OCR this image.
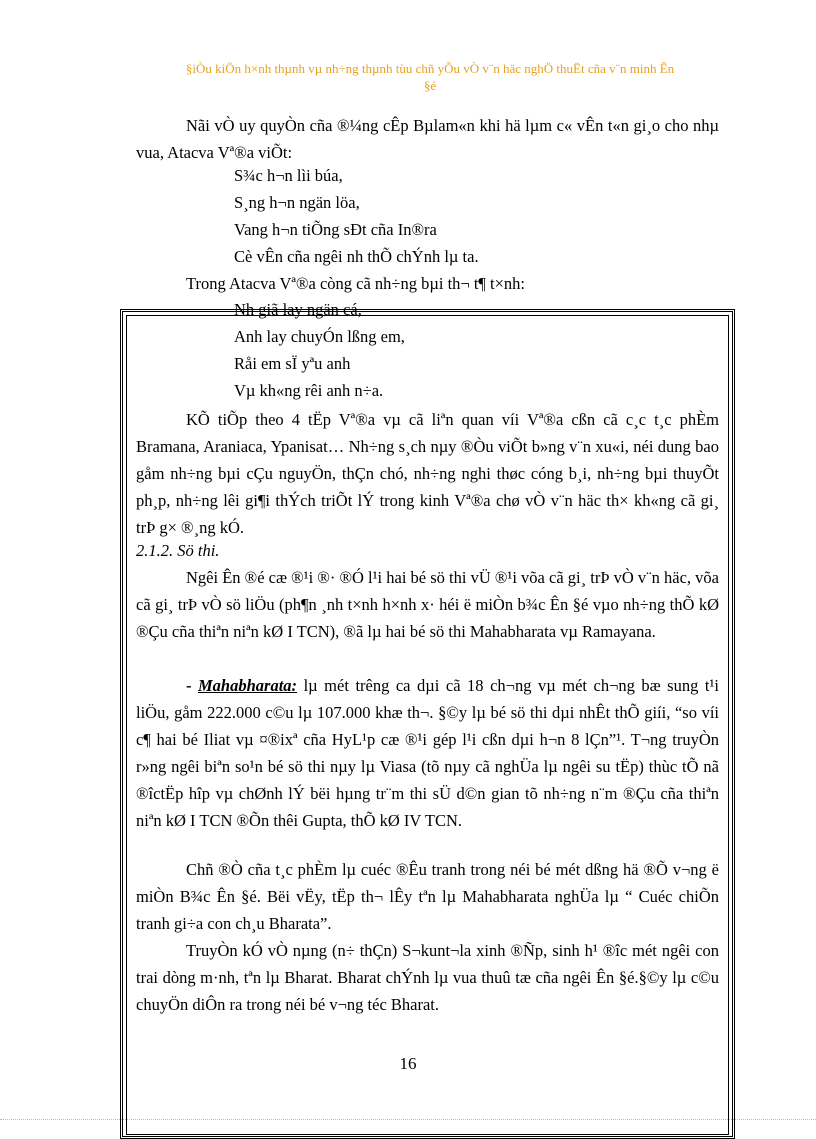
§iÒu kiÖn h×nh thµnh vµ nh÷ng thµnh tùu chñ yÕu vÒ v¨n häc nghÖ thuËt cña v¨n minh Ên
§é

Nãi vÒ uy quyÒn cña ®¼ng cÊp Bµlam«n khi hä lµm c« vÊn t«n gi¸o cho nhµ vua, Atacva Vª®a viÕt:

S¾c h¬n lìi búa,
S¸ng h¬n ngän löa,
Vang h¬n tiÕng sÐt cña In®ra
Cè vÊn cña ngêi nh thÕ chÝnh lµ ta.
Trong Atacva Vª®a còng cã nh÷ng bµi th¬ t¶ t×nh:
Nh giã lay ngän cá,
Anh lay chuyÓn lßng em,
Råi em sÏ yªu anh
Vµ kh«ng rêi anh n÷a.

KÕ tiÕp theo 4 tËp Vª®a vµ cã liªn quan víi Vª®a cßn cã c¸c t¸c phÈm Bramana, Araniaca, Ypanisat… Nh÷ng s¸ch nµy ®Òu viÕt b»ng v¨n xu«i, néi dung bao gåm nh÷ng bµi cÇu nguyÖn, thÇn chó, nh÷ng nghi thøc cóng b¸i, nh÷ng bµi thuyÕt ph¸p, nh÷ng lêi gi¶i thÝch triÕt lÝ trong kinh Vª®a chø vÒ v¨n häc th× kh«ng cã gi¸ trÞ g× ®¸ng kÓ.

2.1.2. Sö thi.

Ngêi Ên ®é cæ ®¹i ®· ®Ó l¹i hai bé sö thi vÜ ®¹i võa cã gi¸ trÞ vÒ v¨n häc, võa cã gi¸ trÞ vÒ sö liÖu (ph¶n ¸nh t×nh h×nh x· héi ë miÒn b¾c Ên §é vµo nh÷ng thÕ kØ ®Çu cña thiªn niªn kØ I TCN), ®ã lµ hai bé sö thi Mahabharata vµ Ramayana.

- Mahabharata: lµ mét trêng ca dµi cã 18 ch¬ng vµ mét ch¬ng bæ sung t¹i liÖu, gåm 222.000 c©u lµ 107.000 khæ th¬. §©y lµ bé sö thi dµi nhÊt thÕ giíi, “so víi c¶ hai bé Iliat vµ ¤®ixª cña HyL¹p cæ ®¹i gép l¹i cßn dµi h¬n 8 lÇn”¹. T¬ng truyÒn r»ng ngêi biªn so¹n bé sö thi nµy lµ Viasa (tõ nµy cã nghÜa lµ ngêi su tËp) thùc tÕ nã ®îctËp hîp vµ chØnh lÝ bëi hµng tr¨m thi sÜ d©n gian tõ nh÷ng n¨m ®Çu cña thiªn niªn kØ I TCN ®Õn thêi Gupta, thÕ kØ IV TCN.

Chñ ®Ò cña t¸c phÈm lµ cuéc ®Êu tranh trong néi bé mét dßng hä ®Õ v¬ng ë miÒn B¾c Ên §é. Bëi vËy, tËp th¬ lÊy tªn lµ Mahabharata nghÜa lµ “ Cuéc chiÕn tranh gi÷a con ch¸u Bharata”.

TruyÒn kÓ vÒ nµng (n÷ thÇn) S¬kunt¬la xinh ®Ñp, sinh h¹ ®îc mét ngêi con trai dòng m·nh, tªn lµ Bharat. Bharat chÝnh lµ vua thuû tæ cña ngêi Ên §é.§©y lµ c©u chuyÖn diÔn ra trong néi bé v¬ng téc Bharat.

16
